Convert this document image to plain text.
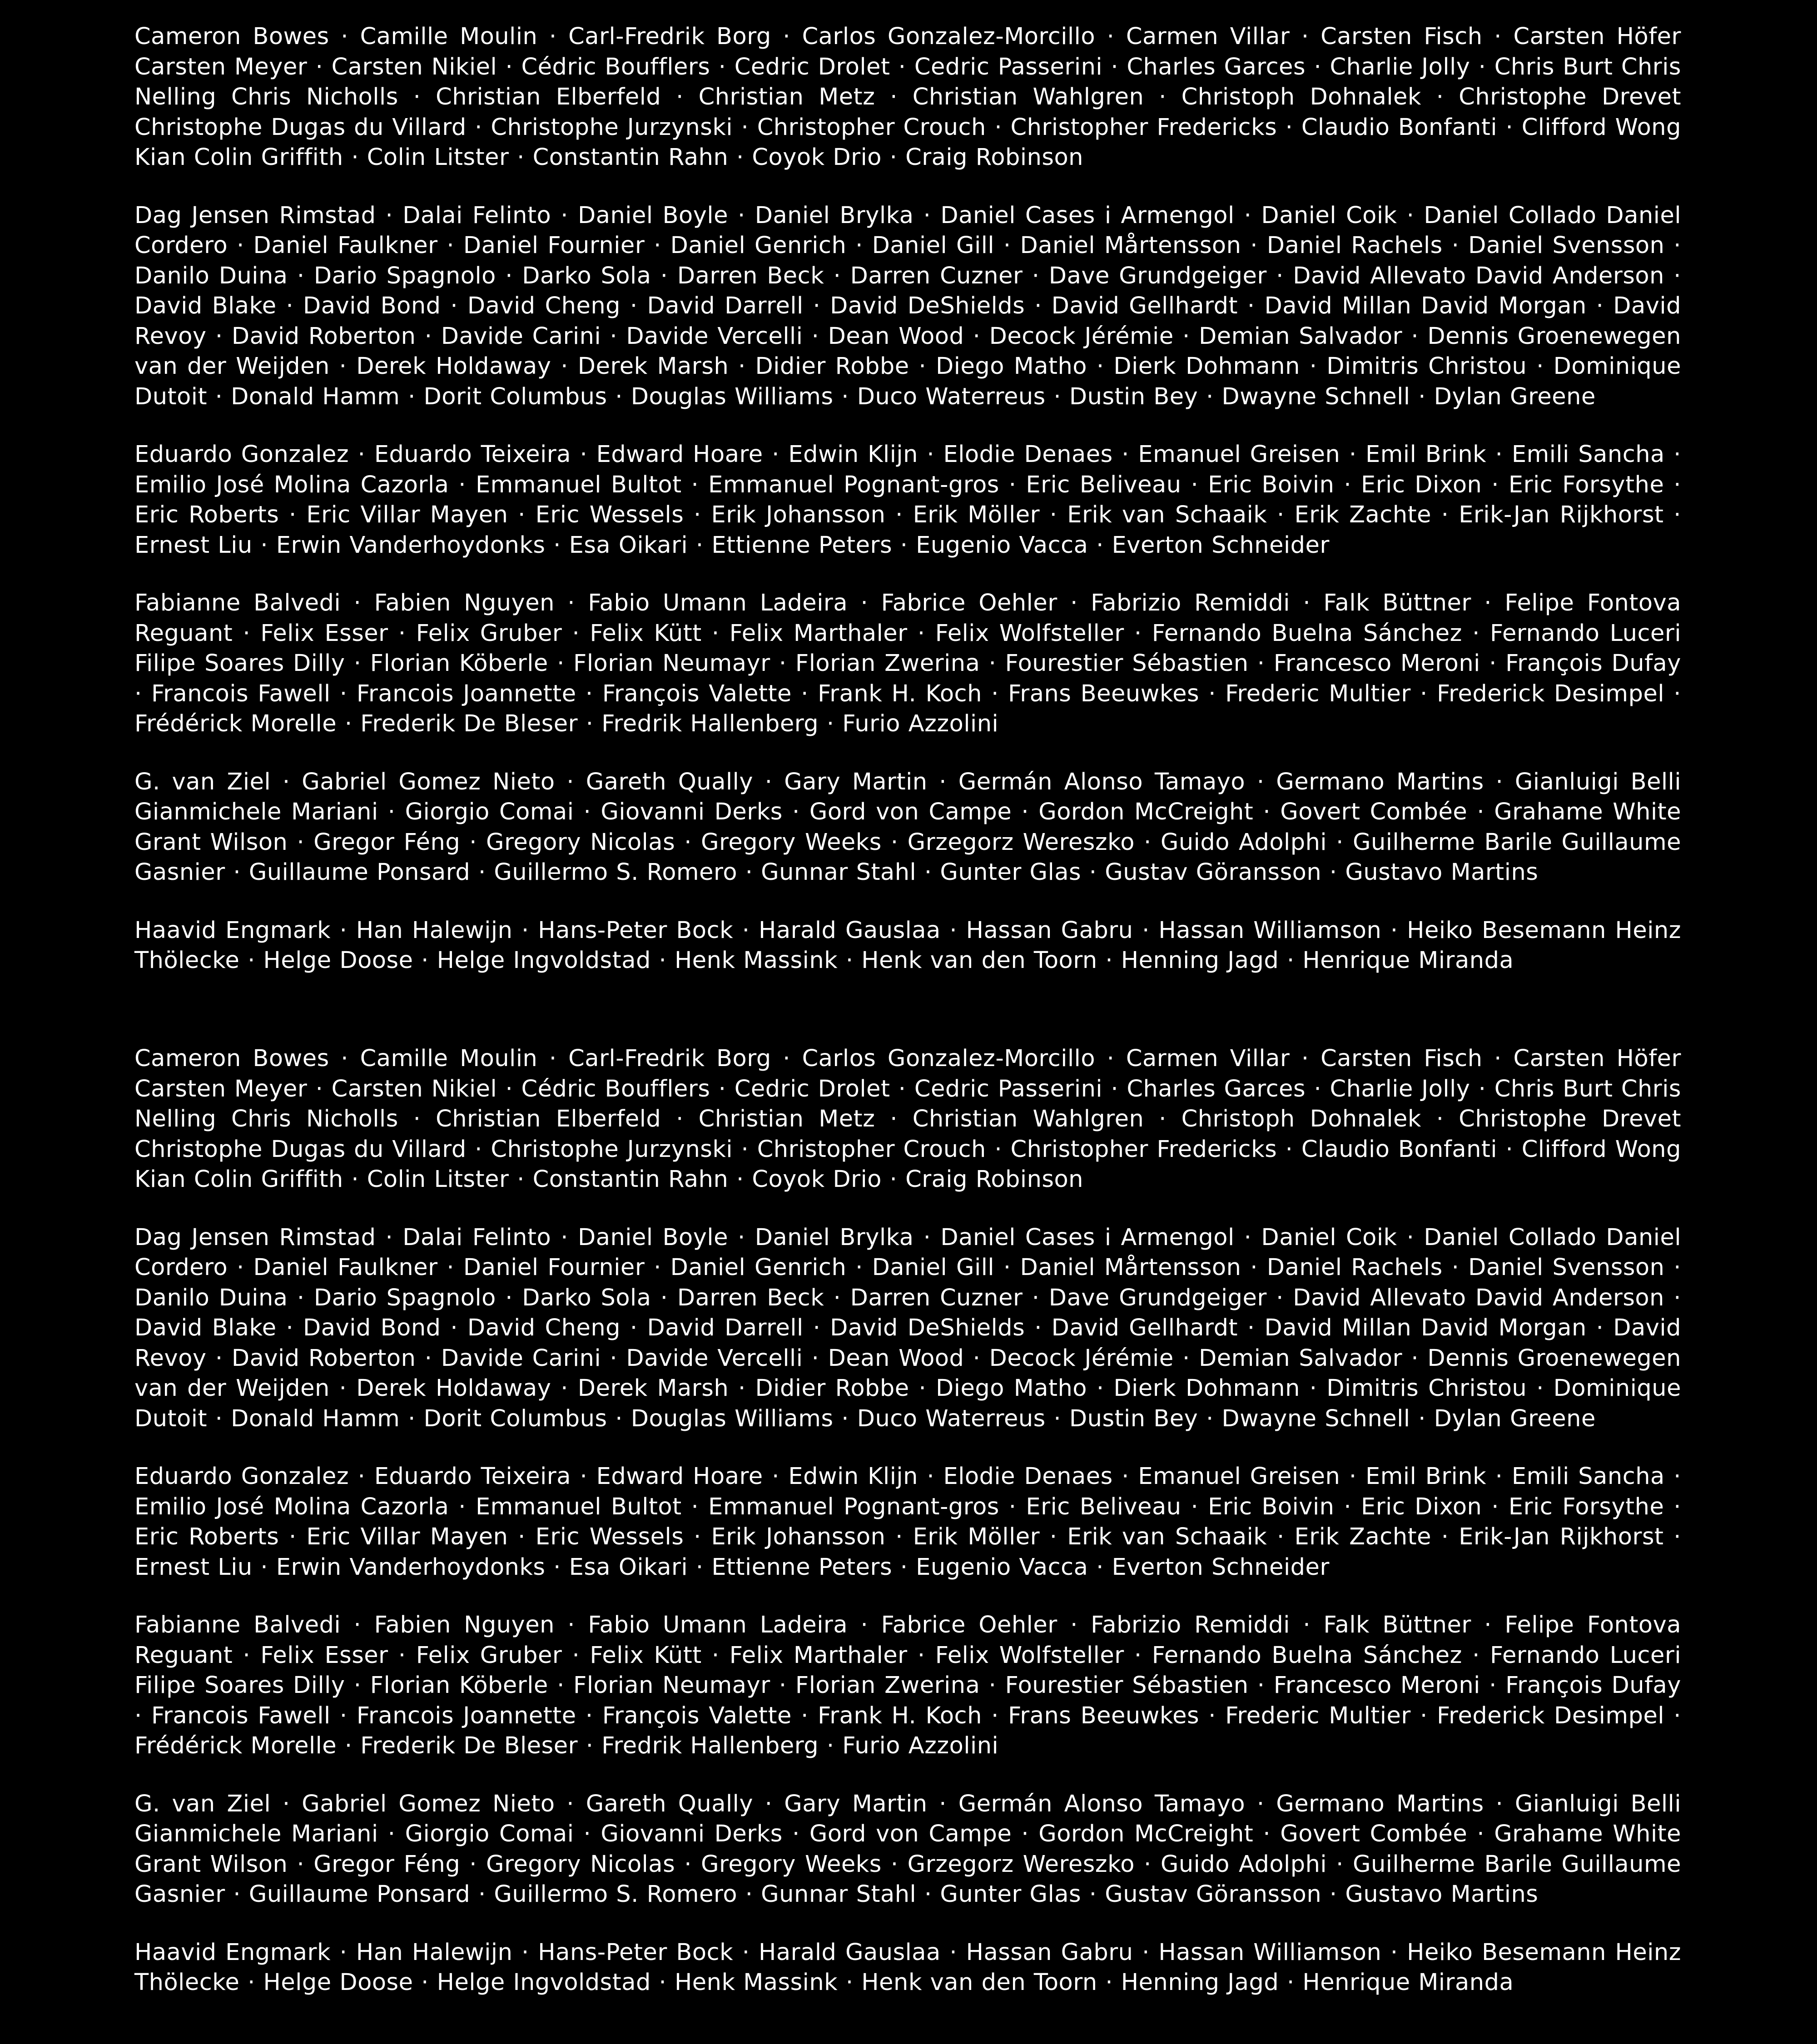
Cameron Bowes · Camille Moulin · Carl-Fredrik Borg · Carlos Gonzalez-Morcillo · Carmen Villar · Carsten Fisch · Carsten Höfer Carsten Meyer · Carsten Nikiel · Cédric Boufflers · Cedric Drolet · Cedric Passerini · Charles Garces · Charlie Jolly · Chris Burt Chris Nelling Chris Nicholls · Christian Elberfeld · Christian Metz · Christian Wahlgren · Christoph Dohnalek · Christophe Drevet Christophe Dugas du Villard · Christophe Jurzynski · Christopher Crouch · Christopher Fredericks · Claudio Bonfanti · Clifford Wong Kian Colin Griffith · Colin Litster · Constantin Rahn · Coyok Drio · Craig Robinson

Dag Jensen Rimstad · Dalai Felinto · Daniel Boyle · Daniel Brylka · Daniel Cases i Armengol · Daniel Coik · Daniel Collado Daniel Cordero · Daniel Faulkner · Daniel Fournier · Daniel Genrich · Daniel Gill · Daniel Mårtensson · Daniel Rachels · Daniel Svensson · Danilo Duina · Dario Spagnolo · Darko Sola · Darren Beck · Darren Cuzner · Dave Grundgeiger · David Allevato David Anderson · David Blake · David Bond · David Cheng · David Darrell · David DeShields · David Gellhardt · David Millan David Morgan · David Revoy · David Roberton · Davide Carini · Davide Vercelli · Dean Wood · Decock Jérémie · Demian Salvador · Dennis Groenewegen van der Weijden · Derek Holdaway · Derek Marsh · Didier Robbe · Diego Matho · Dierk Dohmann · Dimitris Christou · Dominique Dutoit · Donald Hamm · Dorit Columbus · Douglas Williams · Duco Waterreus · Dustin Bey · Dwayne Schnell · Dylan Greene

Eduardo Gonzalez · Eduardo Teixeira · Edward Hoare · Edwin Klijn · Elodie Denaes · Emanuel Greisen · Emil Brink · Emili Sancha · Emilio José Molina Cazorla · Emmanuel Bultot · Emmanuel Pognant-gros · Eric Beliveau · Eric Boivin · Eric Dixon · Eric Forsythe · Eric Roberts · Eric Villar Mayen · Eric Wessels · Erik Johansson · Erik Möller · Erik van Schaaik · Erik Zachte · Erik-Jan Rijkhorst · Ernest Liu · Erwin Vanderhoydonks · Esa Oikari · Ettienne Peters · Eugenio Vacca · Everton Schneider

Fabianne Balvedi · Fabien Nguyen · Fabio Umann Ladeira · Fabrice Oehler · Fabrizio Remiddi · Falk Büttner · Felipe Fontova Reguant · Felix Esser · Felix Gruber · Felix Kütt · Felix Marthaler · Felix Wolfsteller · Fernando Buelna Sánchez · Fernando Luceri Filipe Soares Dilly · Florian Köberle · Florian Neumayr · Florian Zwerina · Fourestier Sébastien · Francesco Meroni · François Dufay · Francois Fawell · Francois Joannette · François Valette · Frank H. Koch · Frans Beeuwkes · Frederic Multier · Frederick Desimpel · Frédérick Morelle · Frederik De Bleser · Fredrik Hallenberg · Furio Azzolini

G. van Ziel · Gabriel Gomez Nieto · Gareth Qually · Gary Martin · Germán Alonso Tamayo · Germano Martins · Gianluigi Belli Gianmichele Mariani · Giorgio Comai · Giovanni Derks · Gord von Campe · Gordon McCreight · Govert Combée · Grahame White Grant Wilson · Gregor Féng · Gregory Nicolas · Gregory Weeks · Grzegorz Wereszko · Guido Adolphi · Guilherme Barile Guillaume Gasnier · Guillaume Ponsard · Guillermo S. Romero · Gunnar Stahl · Gunter Glas · Gustav Göransson · Gustavo Martins

Haavid Engmark · Han Halewijn · Hans-Peter Bock · Harald Gauslaa · Hassan Gabru · Hassan Williamson · Heiko Besemann Heinz Thölecke · Helge Doose · Helge Ingvoldstad · Henk Massink · Henk van den Toorn · Henning Jagd · Henrique Miranda

Cameron Bowes · Camille Moulin · Carl-Fredrik Borg · Carlos Gonzalez-Morcillo · Carmen Villar · Carsten Fisch · Carsten Höfer Carsten Meyer · Carsten Nikiel · Cédric Boufflers · Cedric Drolet · Cedric Passerini · Charles Garces · Charlie Jolly · Chris Burt Chris Nelling Chris Nicholls · Christian Elberfeld · Christian Metz · Christian Wahlgren · Christoph Dohnalek · Christophe Drevet Christophe Dugas du Villard · Christophe Jurzynski · Christopher Crouch · Christopher Fredericks · Claudio Bonfanti · Clifford Wong Kian Colin Griffith · Colin Litster · Constantin Rahn · Coyok Drio · Craig Robinson

Dag Jensen Rimstad · Dalai Felinto · Daniel Boyle · Daniel Brylka · Daniel Cases i Armengol · Daniel Coik · Daniel Collado Daniel Cordero · Daniel Faulkner · Daniel Fournier · Daniel Genrich · Daniel Gill · Daniel Mårtensson · Daniel Rachels · Daniel Svensson · Danilo Duina · Dario Spagnolo · Darko Sola · Darren Beck · Darren Cuzner · Dave Grundgeiger · David Allevato David Anderson · David Blake · David Bond · David Cheng · David Darrell · David DeShields · David Gellhardt · David Millan David Morgan · David Revoy · David Roberton · Davide Carini · Davide Vercelli · Dean Wood · Decock Jérémie · Demian Salvador · Dennis Groenewegen van der Weijden · Derek Holdaway · Derek Marsh · Didier Robbe · Diego Matho · Dierk Dohmann · Dimitris Christou · Dominique Dutoit · Donald Hamm · Dorit Columbus · Douglas Williams · Duco Waterreus · Dustin Bey · Dwayne Schnell · Dylan Greene

Eduardo Gonzalez · Eduardo Teixeira · Edward Hoare · Edwin Klijn · Elodie Denaes · Emanuel Greisen · Emil Brink · Emili Sancha · Emilio José Molina Cazorla · Emmanuel Bultot · Emmanuel Pognant-gros · Eric Beliveau · Eric Boivin · Eric Dixon · Eric Forsythe · Eric Roberts · Eric Villar Mayen · Eric Wessels · Erik Johansson · Erik Möller · Erik van Schaaik · Erik Zachte · Erik-Jan Rijkhorst · Ernest Liu · Erwin Vanderhoydonks · Esa Oikari · Ettienne Peters · Eugenio Vacca · Everton Schneider

Fabianne Balvedi · Fabien Nguyen · Fabio Umann Ladeira · Fabrice Oehler · Fabrizio Remiddi · Falk Büttner · Felipe Fontova Reguant · Felix Esser · Felix Gruber · Felix Kütt · Felix Marthaler · Felix Wolfsteller · Fernando Buelna Sánchez · Fernando Luceri Filipe Soares Dilly · Florian Köberle · Florian Neumayr · Florian Zwerina · Fourestier Sébastien · Francesco Meroni · François Dufay · Francois Fawell · Francois Joannette · François Valette · Frank H. Koch · Frans Beeuwkes · Frederic Multier · Frederick Desimpel · Frédérick Morelle · Frederik De Bleser · Fredrik Hallenberg · Furio Azzolini

G. van Ziel · Gabriel Gomez Nieto · Gareth Qually · Gary Martin · Germán Alonso Tamayo · Germano Martins · Gianluigi Belli Gianmichele Mariani · Giorgio Comai · Giovanni Derks · Gord von Campe · Gordon McCreight · Govert Combée · Grahame White Grant Wilson · Gregor Féng · Gregory Nicolas · Gregory Weeks · Grzegorz Wereszko · Guido Adolphi · Guilherme Barile Guillaume Gasnier · Guillaume Ponsard · Guillermo S. Romero · Gunnar Stahl · Gunter Glas · Gustav Göransson · Gustavo Martins

Haavid Engmark · Han Halewijn · Hans-Peter Bock · Harald Gauslaa · Hassan Gabru · Hassan Williamson · Heiko Besemann Heinz Thölecke · Helge Doose · Helge Ingvoldstad · Henk Massink · Henk van den Toorn · Henning Jagd · Henrique Miranda
